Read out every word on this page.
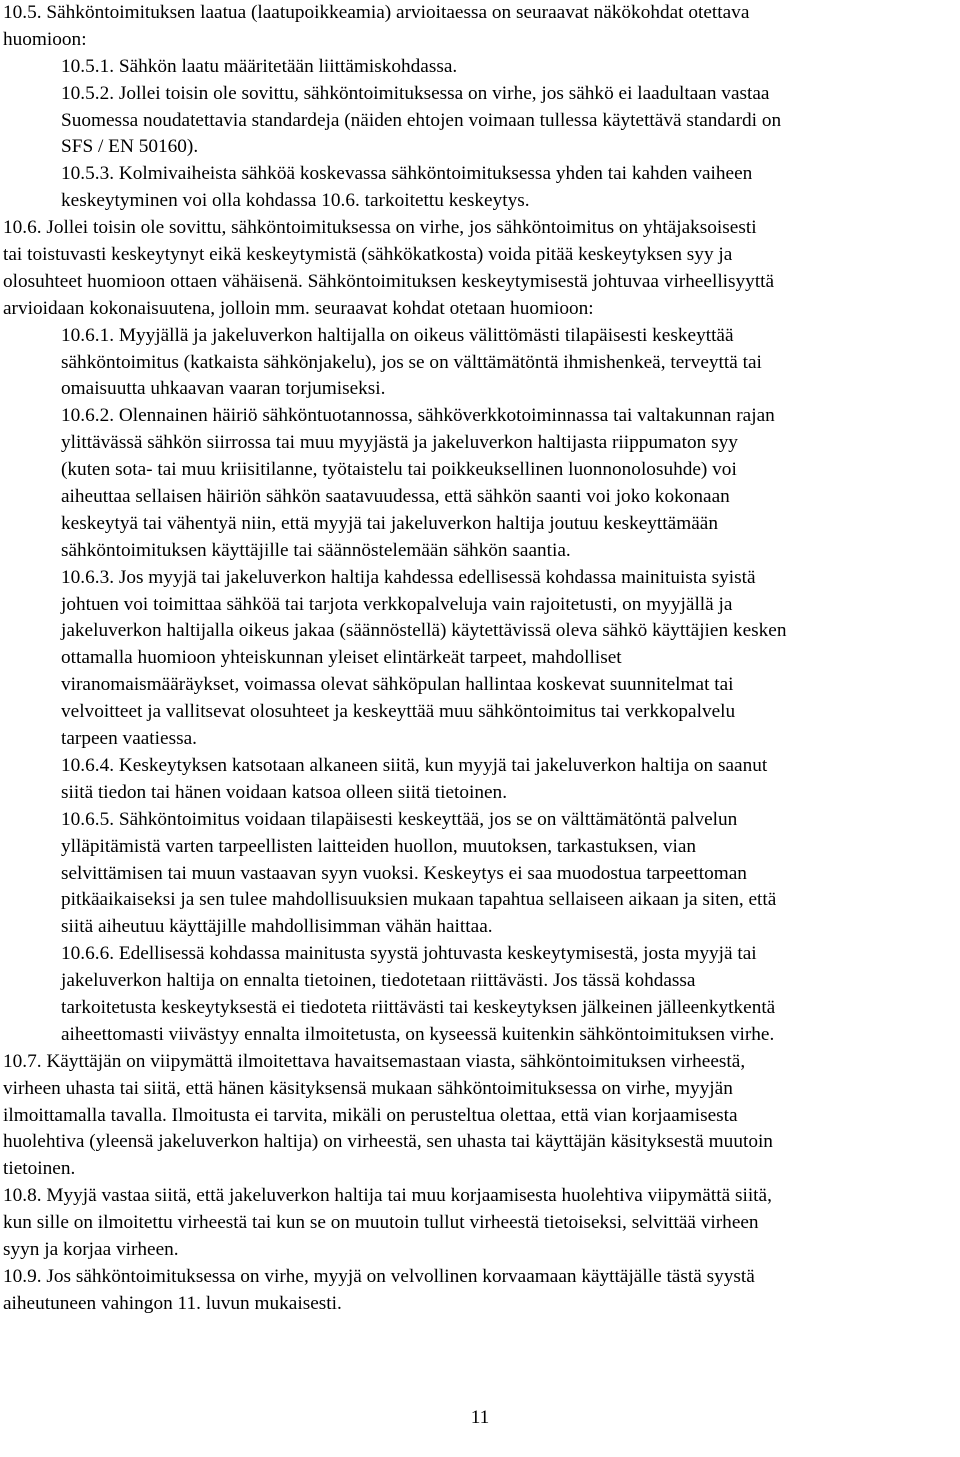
10.5. Sähköntoimituksen laatua (laatupoikkeamia) arvioitaessa on seuraavat näkökohdat otettava
huomioon:
10.5.1. Sähkön laatu määritetään liittämiskohdassa.
10.5.2. Jollei toisin ole sovittu, sähköntoimituksessa on virhe, jos sähkö ei laadultaan vastaa
Suomessa noudatettavia standardeja (näiden ehtojen voimaan tullessa käytettävä standardi on
SFS / EN 50160).
10.5.3. Kolmivaiheista sähköä koskevassa sähköntoimituksessa yhden tai kahden vaiheen
keskeytyminen voi olla kohdassa 10.6. tarkoitettu keskeytys.
10.6. Jollei toisin ole sovittu, sähköntoimituksessa on virhe, jos sähköntoimitus on yhtäjaksoisesti
tai toistuvasti keskeytynyt eikä keskeytymistä (sähkökatkosta) voida pitää keskeytyksen syy ja
olosuhteet huomioon ottaen vähäisenä. Sähköntoimituksen keskeytymisestä johtuvaa virheellisyyttä
arvioidaan kokonaisuutena, jolloin mm. seuraavat kohdat otetaan huomioon:
10.6.1. Myyjällä ja jakeluverkon haltijalla on oikeus välittömästi tilapäisesti keskeyttää
sähköntoimitus (katkaista sähkönjakelu), jos se on välttämätöntä ihmishenkeä, terveyttä tai
omaisuutta uhkaavan vaaran torjumiseksi.
10.6.2. Olennainen häiriö sähköntuotannossa, sähköverkkotoiminnassa tai valtakunnan rajan
ylittävässä sähkön siirrossa tai muu myyjästä ja jakeluverkon haltijasta riippumaton syy
(kuten sota- tai muu kriisitilanne, työtaistelu tai poikkeuksellinen luonnonolosuhde) voi
aiheuttaa sellaisen häiriön sähkön saatavuudessa, että sähkön saanti voi joko kokonaan
keskeytyä tai vähentyä niin, että myyjä tai jakeluverkon haltija joutuu keskeyttämään
sähköntoimituksen käyttäjille tai säännöstelemään sähkön saantia.
10.6.3. Jos myyjä tai jakeluverkon haltija kahdessa edellisessä kohdassa mainituista syistä
johtuen voi toimittaa sähköä tai tarjota verkkopalveluja vain rajoitetusti, on myyjällä ja
jakeluverkon haltijalla oikeus jakaa (säännöstellä) käytettävissä oleva sähkö käyttäjien kesken
ottamalla huomioon yhteiskunnan yleiset elintärkeät tarpeet, mahdolliset
viranomaismääräykset, voimassa olevat sähköpulan hallintaa koskevat suunnitelmat tai
velvoitteet ja vallitsevat olosuhteet ja keskeyttää muu sähköntoimitus tai verkkopalvelu
tarpeen vaatiessa.
10.6.4. Keskeytyksen katsotaan alkaneen siitä, kun myyjä tai jakeluverkon haltija on saanut
siitä tiedon tai hänen voidaan katsoa olleen siitä tietoinen.
10.6.5. Sähköntoimitus voidaan tilapäisesti keskeyttää, jos se on välttämätöntä palvelun
ylläpitämistä varten tarpeellisten laitteiden huollon, muutoksen, tarkastuksen, vian
selvittämisen tai muun vastaavan syyn vuoksi. Keskeytys ei saa muodostua tarpeettoman
pitkäaikaiseksi ja sen tulee mahdollisuuksien mukaan tapahtua sellaiseen aikaan ja siten, että
siitä aiheutuu käyttäjille mahdollisimman vähän haittaa.
10.6.6. Edellisessä kohdassa mainitusta syystä johtuvasta keskeytymisestä, josta myyjä tai
jakeluverkon haltija on ennalta tietoinen, tiedotetaan riittävästi. Jos tässä kohdassa
tarkoitetusta keskeytyksestä ei tiedoteta riittävästi tai keskeytyksen jälkeinen jälleenkytkentä
aiheettomasti viivästyy ennalta ilmoitetusta, on kyseessä kuitenkin sähköntoimituksen virhe.
10.7. Käyttäjän on viipymättä ilmoitettava havaitsemastaan viasta, sähköntoimituksen virheestä,
virheen uhasta tai siitä, että hänen käsityksensä mukaan sähköntoimituksessa on virhe, myyjän
ilmoittamalla tavalla. Ilmoitusta ei tarvita, mikäli on perusteltua olettaa, että vian korjaamisesta
huolehtiva (yleensä jakeluverkon haltija) on virheestä, sen uhasta tai käyttäjän käsityksestä muutoin
tietoinen.
10.8. Myyjä vastaa siitä, että jakeluverkon haltija tai muu korjaamisesta huolehtiva viipymättä siitä,
kun sille on ilmoitettu virheestä tai kun se on muutoin tullut virheestä tietoiseksi, selvittää virheen
syyn ja korjaa virheen.
10.9. Jos sähköntoimituksessa on virhe, myyjä on velvollinen korvaamaan käyttäjälle tästä syystä
aiheutuneen vahingon 11. luvun mukaisesti.
11
